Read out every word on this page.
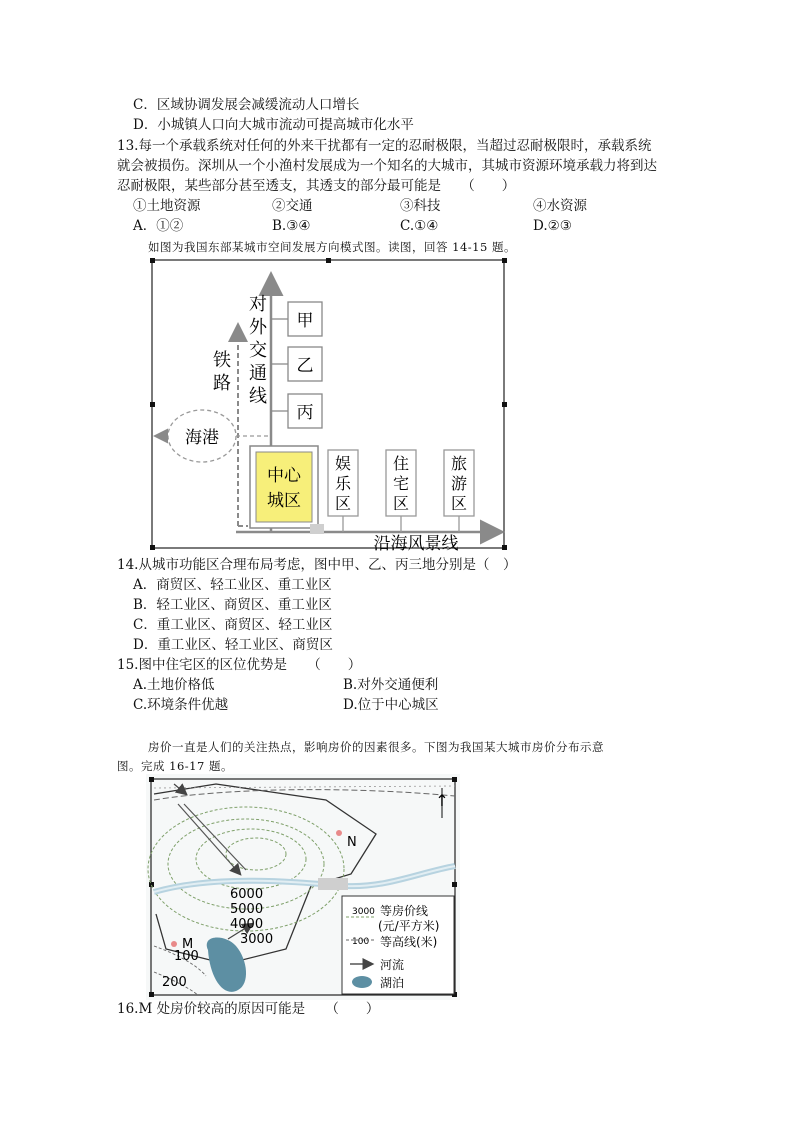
C．区域协调发展会减缓流动人口增长
D．小城镇人口向大城市流动可提高城市化水平
13.每一个承载系统对任何的外来干扰都有一定的忍耐极限，当超过忍耐极限时，承载系统
就会被损伤。深圳从一个小渔村发展成为一个知名的大城市，其城市资源环境承载力将到达
忍耐极限，某些部分甚至透支，其透支的部分最可能是　　（　　）
①土地资源	②交通	③科技	④水资源
A．①②	B.③④	C.①④	D.②③
如图为我国东部某城市空间发展方向模式图。读图，回答 14-15 题。
对外交通线
铁路
甲
乙
丙
海港
中心
城区
娱
乐
区
住
宅
区
旅
游
区
沿海风景线
14.从城市功能区合理布局考虑，图中甲、乙、丙三地分别是（　）
A．商贸区、轻工业区、重工业区
B．轻工业区、商贸区、重工业区
C．重工业区、商贸区、轻工业区
D．重工业区、轻工业区、商贸区
15.图中住宅区的区位优势是　　（　　）
A.土地价格低	B.对外交通便利
C.环境条件优越	D.位于中心城区
房价一直是人们的关注热点，影响房价的因素很多。下图为我国某大城市房价分布示意
图。完成 16-17 题。
↑
N
M
6000
5000
4000
3000
100
200
3000 等房价线
(元/平方米)
100 等高线(米)
河流
湖泊
16.M 处房价较高的原因可能是　　（　　）
